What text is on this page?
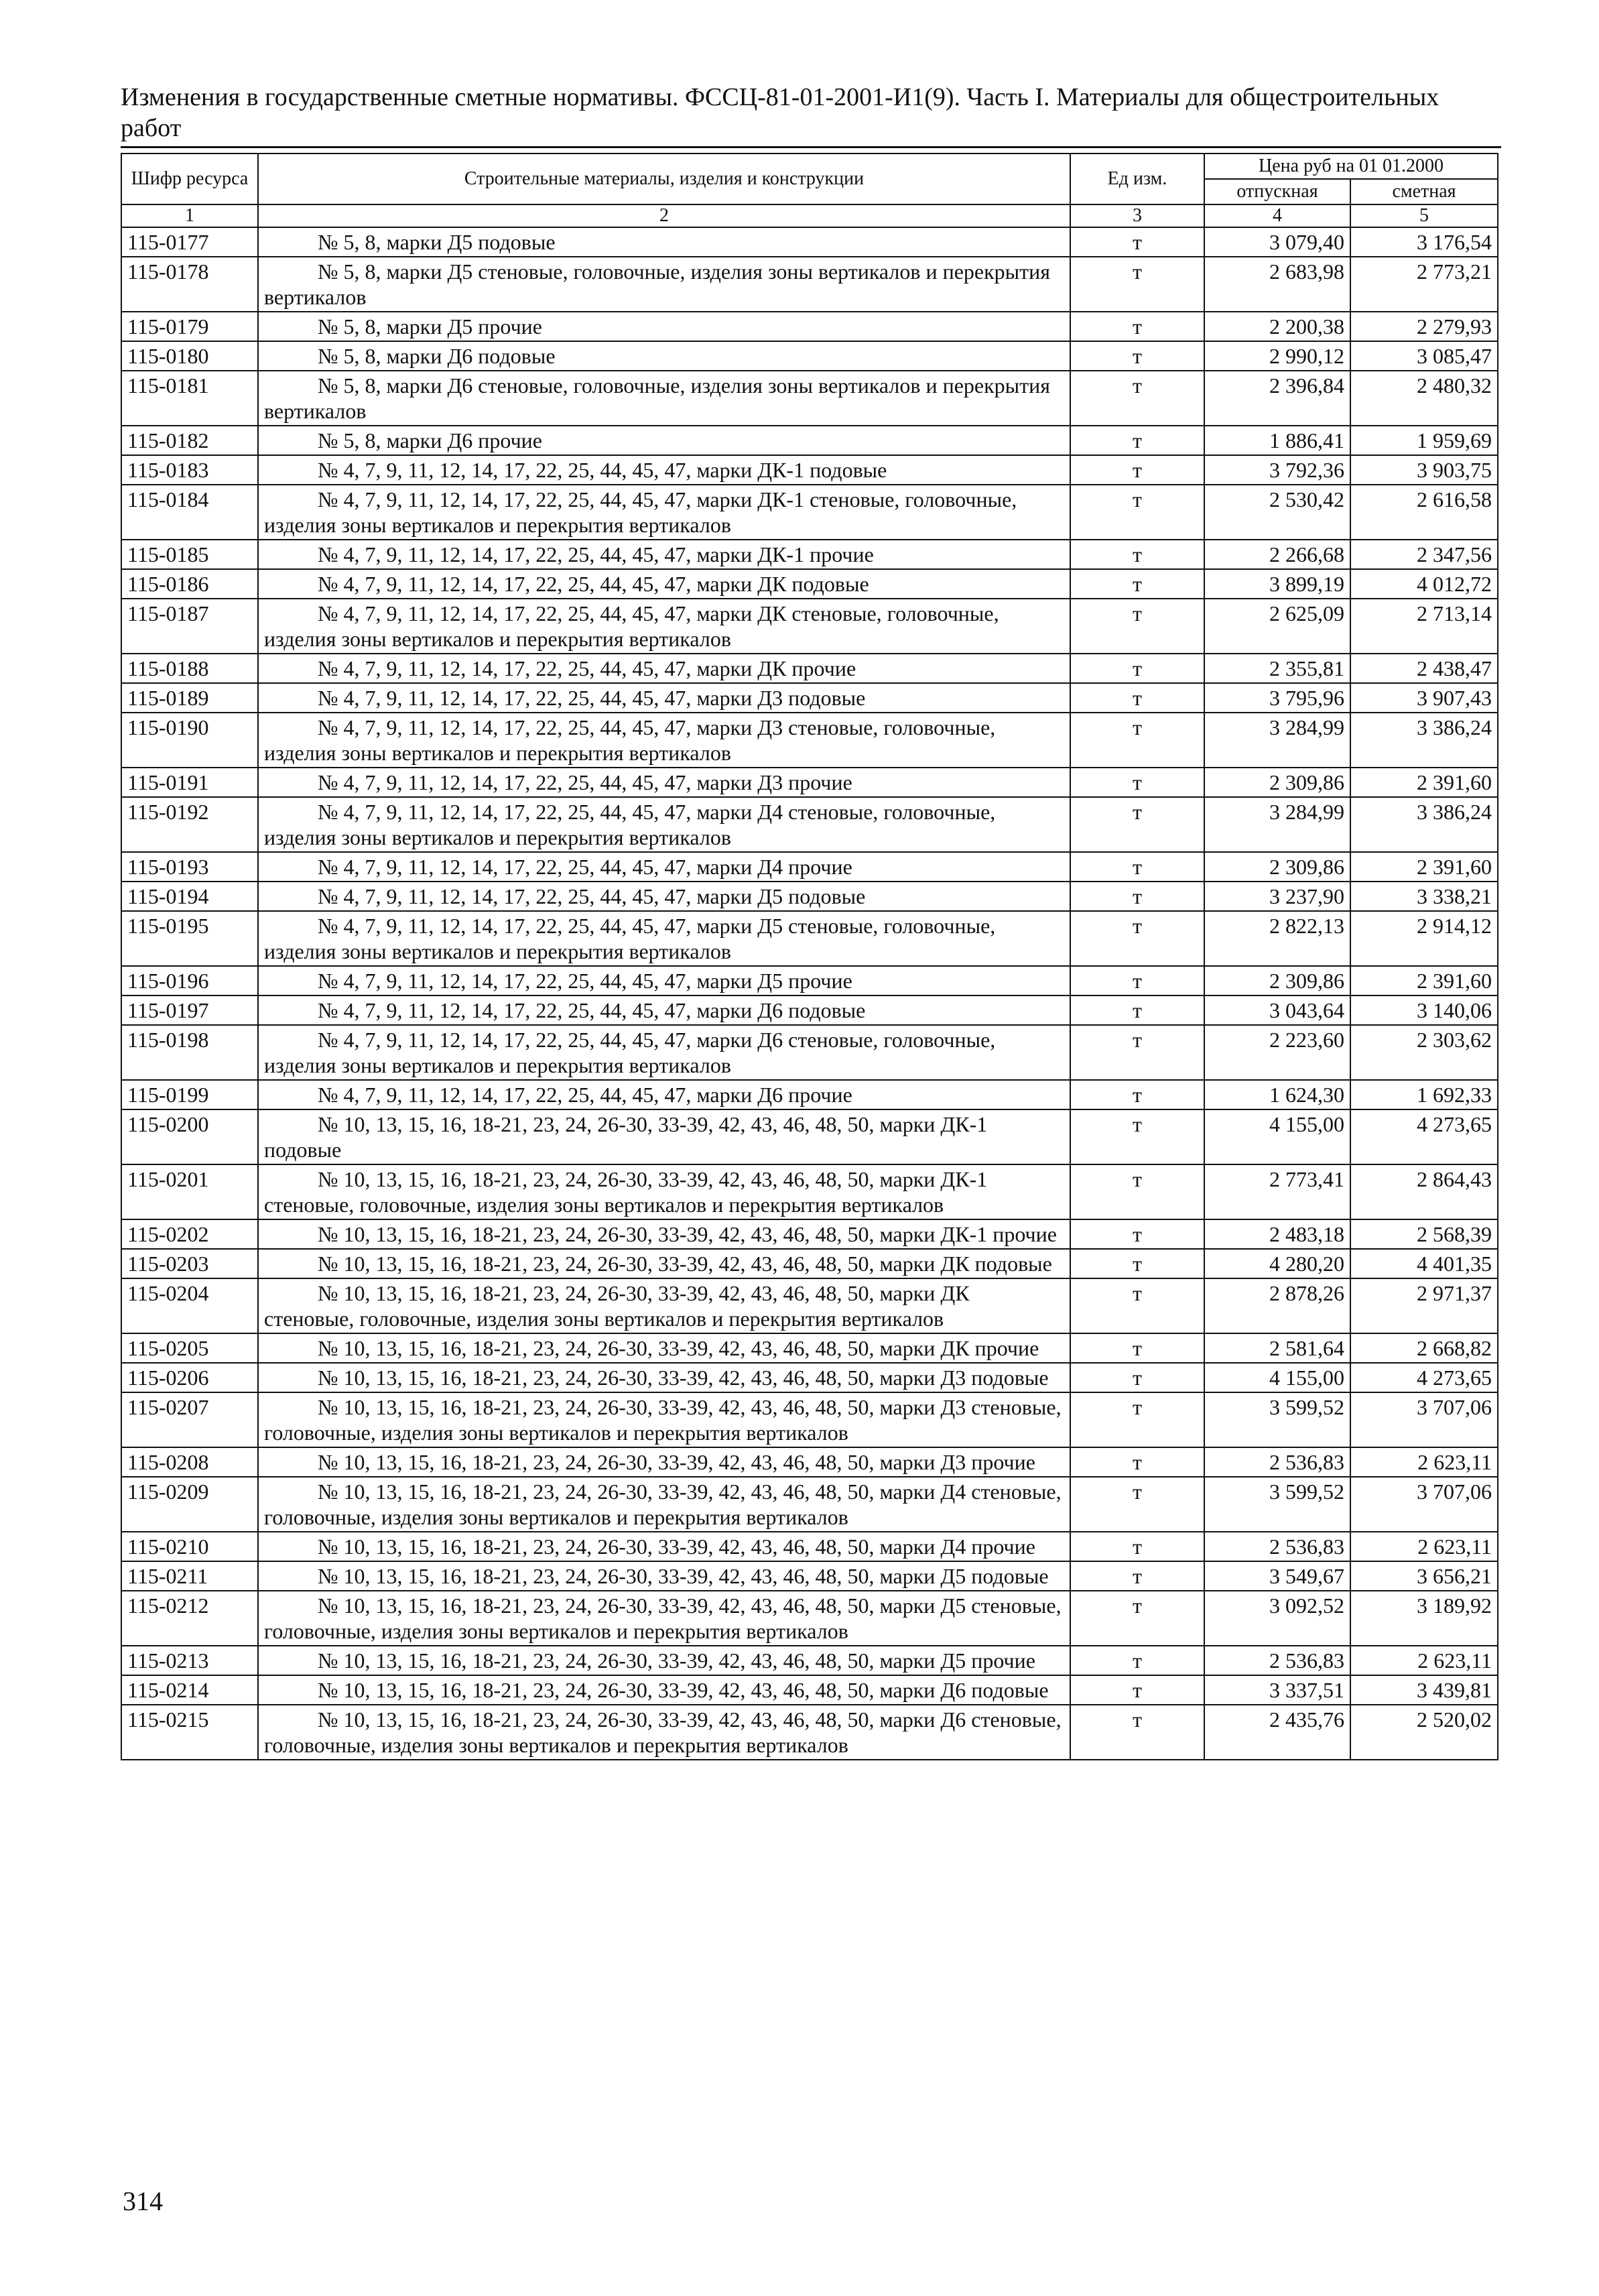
Изменения в государственные сметные нормативы. ФССЦ-81-01-2001-И1(9). Часть I. Материалы для общестроительных работ
Шифр ресурса	Строительные материалы, изделия и конструкции	Ед изм.	Цена руб на 01 01.2000	
			отпускная	сметная
1	2	3	4	5
115-0177	№ 5, 8, марки Д5 подовые	т	3 079,40	3 176,54
115-0178	№ 5, 8, марки Д5 стеновые, головочные, изделия зоны вертикалов и перекрытия вертикалов	т	2 683,98	2 773,21
115-0179	№ 5, 8, марки Д5 прочие	т	2 200,38	2 279,93
115-0180	№ 5, 8, марки Д6 подовые	т	2 990,12	3 085,47
115-0181	№ 5, 8, марки Д6 стеновые, головочные, изделия зоны вертикалов и перекрытия вертикалов	т	2 396,84	2 480,32
115-0182	№ 5, 8, марки Д6 прочие	т	1 886,41	1 959,69
115-0183	№ 4, 7, 9, 11, 12, 14, 17, 22, 25, 44, 45, 47, марки ДК-1 подовые	т	3 792,36	3 903,75
115-0184	№ 4, 7, 9, 11, 12, 14, 17, 22, 25, 44, 45, 47, марки ДК-1 стеновые, головочные, изделия зоны вертикалов и перекрытия вертикалов	т	2 530,42	2 616,58
115-0185	№ 4, 7, 9, 11, 12, 14, 17, 22, 25, 44, 45, 47, марки ДК-1 прочие	т	2 266,68	2 347,56
115-0186	№ 4, 7, 9, 11, 12, 14, 17, 22, 25, 44, 45, 47, марки ДК подовые	т	3 899,19	4 012,72
115-0187	№ 4, 7, 9, 11, 12, 14, 17, 22, 25, 44, 45, 47, марки ДК стеновые, головочные, изделия зоны вертикалов и перекрытия вертикалов	т	2 625,09	2 713,14
115-0188	№ 4, 7, 9, 11, 12, 14, 17, 22, 25, 44, 45, 47, марки ДК прочие	т	2 355,81	2 438,47
115-0189	№ 4, 7, 9, 11, 12, 14, 17, 22, 25, 44, 45, 47, марки Д3 подовые	т	3 795,96	3 907,43
115-0190	№ 4, 7, 9, 11, 12, 14, 17, 22, 25, 44, 45, 47, марки Д3 стеновые, головочные, изделия зоны вертикалов и перекрытия вертикалов	т	3 284,99	3 386,24
115-0191	№ 4, 7, 9, 11, 12, 14, 17, 22, 25, 44, 45, 47, марки Д3 прочие	т	2 309,86	2 391,60
115-0192	№ 4, 7, 9, 11, 12, 14, 17, 22, 25, 44, 45, 47, марки Д4 стеновые, головочные, изделия зоны вертикалов и перекрытия вертикалов	т	3 284,99	3 386,24
115-0193	№ 4, 7, 9, 11, 12, 14, 17, 22, 25, 44, 45, 47, марки Д4 прочие	т	2 309,86	2 391,60
115-0194	№ 4, 7, 9, 11, 12, 14, 17, 22, 25, 44, 45, 47, марки Д5 подовые	т	3 237,90	3 338,21
115-0195	№ 4, 7, 9, 11, 12, 14, 17, 22, 25, 44, 45, 47, марки Д5 стеновые, головочные, изделия зоны вертикалов и перекрытия вертикалов	т	2 822,13	2 914,12
115-0196	№ 4, 7, 9, 11, 12, 14, 17, 22, 25, 44, 45, 47, марки Д5 прочие	т	2 309,86	2 391,60
115-0197	№ 4, 7, 9, 11, 12, 14, 17, 22, 25, 44, 45, 47, марки Д6 подовые	т	3 043,64	3 140,06
115-0198	№ 4, 7, 9, 11, 12, 14, 17, 22, 25, 44, 45, 47, марки Д6 стеновые, головочные, изделия зоны вертикалов и перекрытия вертикалов	т	2 223,60	2 303,62
115-0199	№ 4, 7, 9, 11, 12, 14, 17, 22, 25, 44, 45, 47, марки Д6 прочие	т	1 624,30	1 692,33
115-0200	№ 10, 13, 15, 16, 18-21, 23, 24, 26-30, 33-39, 42, 43, 46, 48, 50, марки ДК-1 подовые	т	4 155,00	4 273,65
115-0201	№ 10, 13, 15, 16, 18-21, 23, 24, 26-30, 33-39, 42, 43, 46, 48, 50, марки ДК-1 стеновые, головочные, изделия зоны вертикалов и перекрытия вертикалов	т	2 773,41	2 864,43
115-0202	№ 10, 13, 15, 16, 18-21, 23, 24, 26-30, 33-39, 42, 43, 46, 48, 50, марки ДК-1 прочие	т	2 483,18	2 568,39
115-0203	№ 10, 13, 15, 16, 18-21, 23, 24, 26-30, 33-39, 42, 43, 46, 48, 50, марки ДК подовые	т	4 280,20	4 401,35
115-0204	№ 10, 13, 15, 16, 18-21, 23, 24, 26-30, 33-39, 42, 43, 46, 48, 50, марки ДК стеновые, головочные, изделия зоны вертикалов и перекрытия вертикалов	т	2 878,26	2 971,37
115-0205	№ 10, 13, 15, 16, 18-21, 23, 24, 26-30, 33-39, 42, 43, 46, 48, 50, марки ДК прочие	т	2 581,64	2 668,82
115-0206	№ 10, 13, 15, 16, 18-21, 23, 24, 26-30, 33-39, 42, 43, 46, 48, 50, марки Д3 подовые	т	4 155,00	4 273,65
115-0207	№ 10, 13, 15, 16, 18-21, 23, 24, 26-30, 33-39, 42, 43, 46, 48, 50, марки Д3 стеновые, головочные, изделия зоны вертикалов и перекрытия вертикалов	т	3 599,52	3 707,06
115-0208	№ 10, 13, 15, 16, 18-21, 23, 24, 26-30, 33-39, 42, 43, 46, 48, 50, марки Д3 прочие	т	2 536,83	2 623,11
115-0209	№ 10, 13, 15, 16, 18-21, 23, 24, 26-30, 33-39, 42, 43, 46, 48, 50, марки Д4 стеновые, головочные, изделия зоны вертикалов и перекрытия вертикалов	т	3 599,52	3 707,06
115-0210	№ 10, 13, 15, 16, 18-21, 23, 24, 26-30, 33-39, 42, 43, 46, 48, 50, марки Д4 прочие	т	2 536,83	2 623,11
115-0211	№ 10, 13, 15, 16, 18-21, 23, 24, 26-30, 33-39, 42, 43, 46, 48, 50, марки Д5 подовые	т	3 549,67	3 656,21
115-0212	№ 10, 13, 15, 16, 18-21, 23, 24, 26-30, 33-39, 42, 43, 46, 48, 50, марки Д5 стеновые, головочные, изделия зоны вертикалов и перекрытия вертикалов	т	3 092,52	3 189,92
115-0213	№ 10, 13, 15, 16, 18-21, 23, 24, 26-30, 33-39, 42, 43, 46, 48, 50, марки Д5 прочие	т	2 536,83	2 623,11
115-0214	№ 10, 13, 15, 16, 18-21, 23, 24, 26-30, 33-39, 42, 43, 46, 48, 50, марки Д6 подовые	т	3 337,51	3 439,81
115-0215	№ 10, 13, 15, 16, 18-21, 23, 24, 26-30, 33-39, 42, 43, 46, 48, 50, марки Д6 стеновые, головочные, изделия зоны вертикалов и перекрытия вертикалов	т	2 435,76	2 520,02
314
